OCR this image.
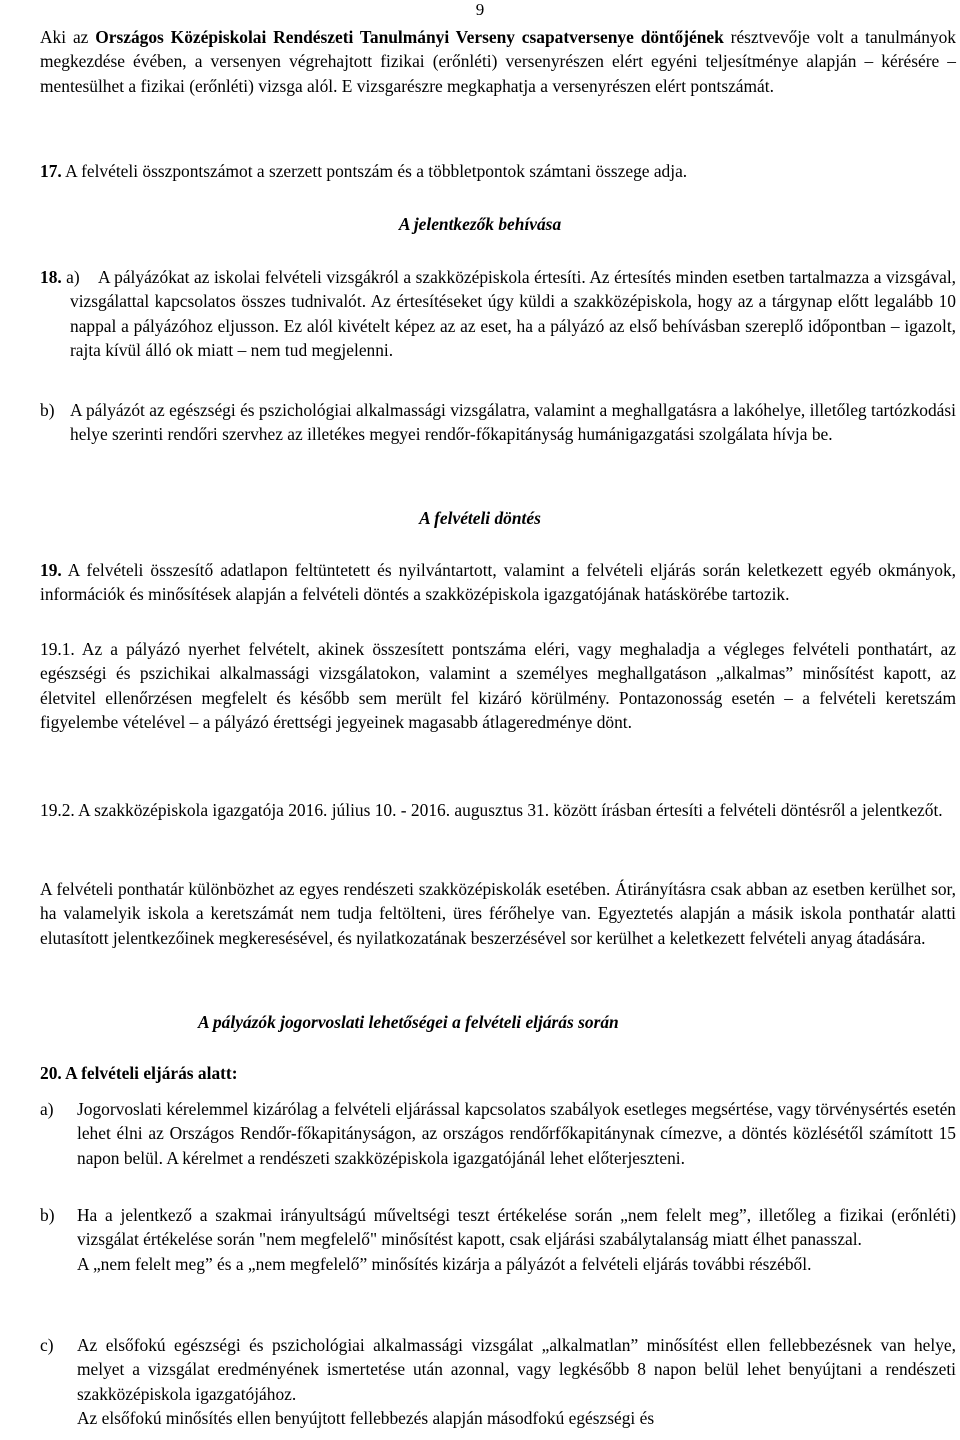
9

Aki az Országos Középiskolai Rendészeti Tanulmányi Verseny csapatversenye döntőjének résztvevője volt a tanulmányok megkezdése évében, a versenyen végrehajtott fizikai (erőnléti) versenyrészen elért egyéni teljesítménye alapján – kérésére – mentesülhet a fizikai (erőnléti) vizsga alól. E vizsgarészre megkaphatja a versenyrészen elért pontszámát.

17. A felvételi összpontszámot a szerzett pontszám és a többletpontok számtani összege adja.

A jelentkezők behívása
18. a)	A pályázókat az iskolai felvételi vizsgákról a szakközépiskola értesíti. Az értesítés minden esetben tartalmazza a vizsgával, vizsgálattal kapcsolatos összes tudnivalót. Az értesítéseket úgy küldi a szakközépiskola, hogy az a tárgynap előtt legalább 10 nappal a pályázóhoz eljusson. Ez alól kivételt képez az az eset, ha a pályázó az első behívásban szereplő időpontban – igazolt, rajta kívül álló ok miatt – nem tud megjelenni.
b) A pályázót az egészségi és pszichológiai alkalmassági vizsgálatra, valamint a meghallgatásra a lakóhelye, illetőleg tartózkodási helye szerinti rendőri szervhez az illetékes megyei rendőr-főkapitányság humánigazgatási szolgálata hívja be.
A felvételi döntés

19. A felvételi összesítő adatlapon feltüntetett és nyilvántartott, valamint a felvételi eljárás során keletkezett egyéb okmányok, információk és minősítések alapján a felvételi döntés a szakközépiskola igazgatójának hatáskörébe tartozik.

19.1. Az a pályázó nyerhet felvételt, akinek összesített pontszáma eléri, vagy meghaladja a végleges felvételi ponthatárt, az egészségi és pszichikai alkalmassági vizsgálatokon, valamint a személyes meghallgatáson „alkalmas” minősítést kapott, az életvitel ellenőrzésen megfelelt és később sem merült fel kizáró körülmény. Pontazonosság esetén – a felvételi keretszám figyelembe vételével – a pályázó érettségi jegyeinek magasabb átlageredménye dönt.

19.2. A szakközépiskola igazgatója 2016. július 10. - 2016. augusztus 31. között írásban értesíti a felvételi döntésről a jelentkezőt.

A felvételi ponthatár különbözhet az egyes rendészeti szakközépiskolák esetében. Átirányításra csak abban az esetben kerülhet sor, ha valamelyik iskola a keretszámát nem tudja feltölteni, üres férőhelye van. Egyeztetés alapján a másik iskola ponthatár alatti elutasított jelentkezőinek megkeresésével, és nyilatkozatának beszerzésével sor kerülhet a keletkezett felvételi anyag átadására.

A pályázók jogorvoslati lehetőségei a felvételi eljárás során

20. A felvételi eljárás alatt:

a) Jogorvoslati kérelemmel kizárólag a felvételi eljárással kapcsolatos szabályok esetleges megsértése, vagy törvénysértés esetén lehet élni az Országos Rendőr-főkapitányságon, az országos rendőrfőkapitánynak címezve, a döntés közlésétől számított 15 napon belül. A kérelmet a rendészeti szakközépiskola igazgatójánál lehet előterjeszteni.
b) Ha a jelentkező a szakmai irányultságú műveltségi teszt értékelése során „nem felelt meg”, illetőleg a fizikai (erőnléti) vizsgálat értékelése során "nem megfelelő" minősítést kapott, csak eljárási szabálytalanság miatt élhet panasszal.
A „nem felelt meg” és a „nem megfelelő” minősítés kizárja a pályázót a felvételi eljárás további részéből.
c) Az elsőfokú egészségi és pszichológiai alkalmassági vizsgálat „alkalmatlan” minősítést ellen fellebbezésnek van helye, melyet a vizsgálat eredményének ismertetése után azonnal, vagy legkésőbb 8 napon belül lehet benyújtani a rendészeti szakközépiskola igazgatójához.
Az elsőfokú minősítés ellen benyújtott fellebbezés alapján másodfokú egészségi és
